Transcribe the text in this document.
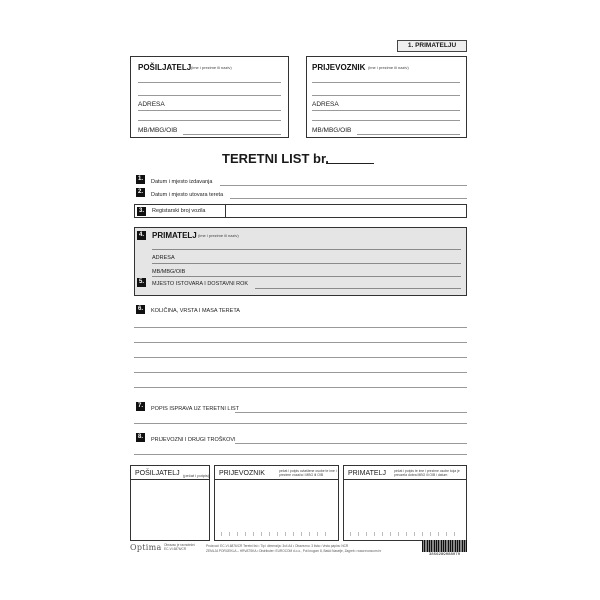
1. PRIMATELJU
POŠILJATELJ (ime i prezime ili naziv)
ADRESA
MB/MBG/OIB
PRIJEVOZNIK (ime i prezime ili naziv)
ADRESA
MB/MBG/OIB
TERETNI LIST br.
1.	Datum i mjesto izdavanja
2.	Datum i mjesto utovara tereta
3.	Registarski broj vozila
4. PRIMATELJ (ime i prezime ili naziv)
ADRESA
MB/MBG/OIB
5.	MJESTO ISTOVARA I DOSTAVNI ROK
6.	KOLIČINA, VRSTA I MASA TERETA
7.	POPIS ISPRAVA UZ TERETNI LIST
8.	PRIJEVOZNI I DRUGI TROŠKOVI
POŠILJATELJ (pečat i potpis) PRIJEVOZNIK	pečat i potpis ovlaštene osobe te ime i prezime vozača i MBG ili OIB	PRIMATELJ pečat i potpis te ime i prezime osobe koja je preuzela dobra MBG ili OIB i datum
Optima Obrazac je ravnotežni EC-VI-6876/CR
Proizvod: EC-VI-6876/CR Teretni list • Tip i dimenzija: 3x4 A4 • Obavezno: 3 lista • Vrsta papira: NCR
ZEMLJA PORIJEKLA – HRVATSKA • Distributer: EUROCOM d.o.o., Put krugom 8, Bašći Naselje, Zagreb • www.eurocom.hr
3856289088070
